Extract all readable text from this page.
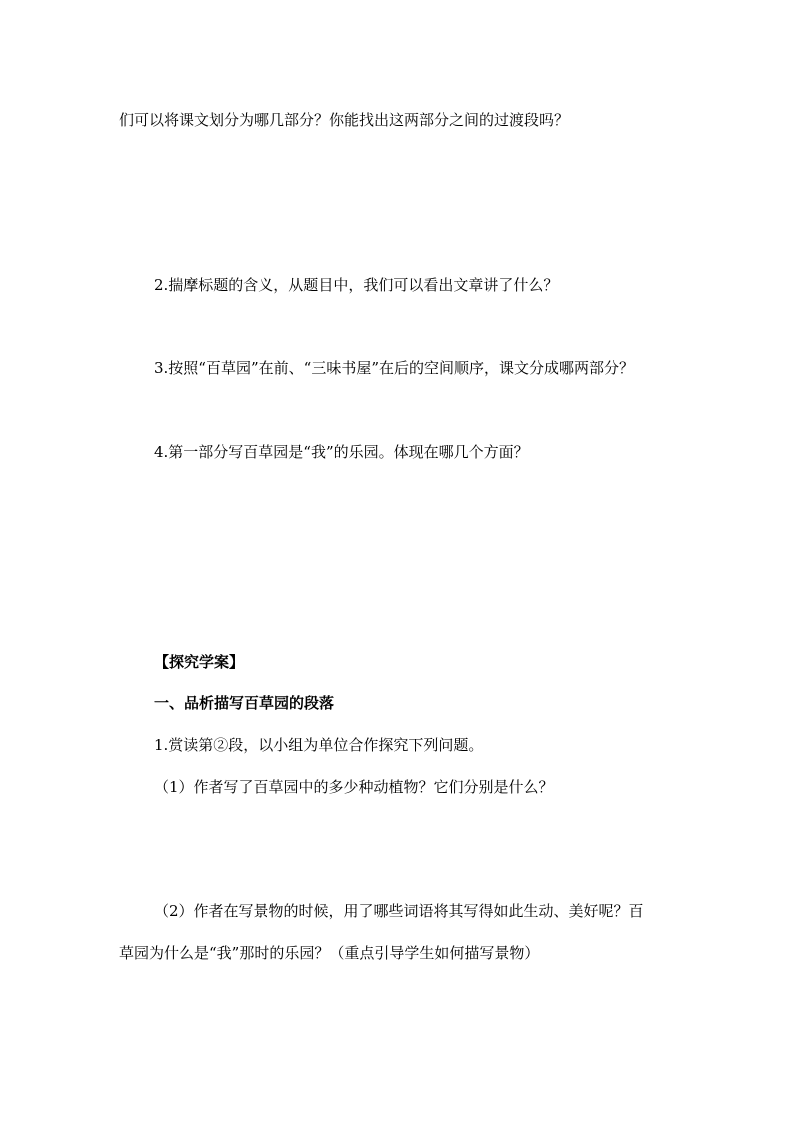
们可以将课文划分为哪几部分？你能找出这两部分之间的过渡段吗？
2.揣摩标题的含义，从题目中，我们可以看出文章讲了什么？
3.按照“百草园”在前、“三味书屋”在后的空间顺序，课文分成哪两部分？
4.第一部分写百草园是“我”的乐园。体现在哪几个方面？
【探究学案】
一、品析描写百草园的段落
1.赏读第②段，以小组为单位合作探究下列问题。
（1）作者写了百草园中的多少种动植物？它们分别是什么？
（2）作者在写景物的时候，用了哪些词语将其写得如此生动、美好呢？百
草园为什么是“我”那时的乐园？（重点引导学生如何描写景物）
